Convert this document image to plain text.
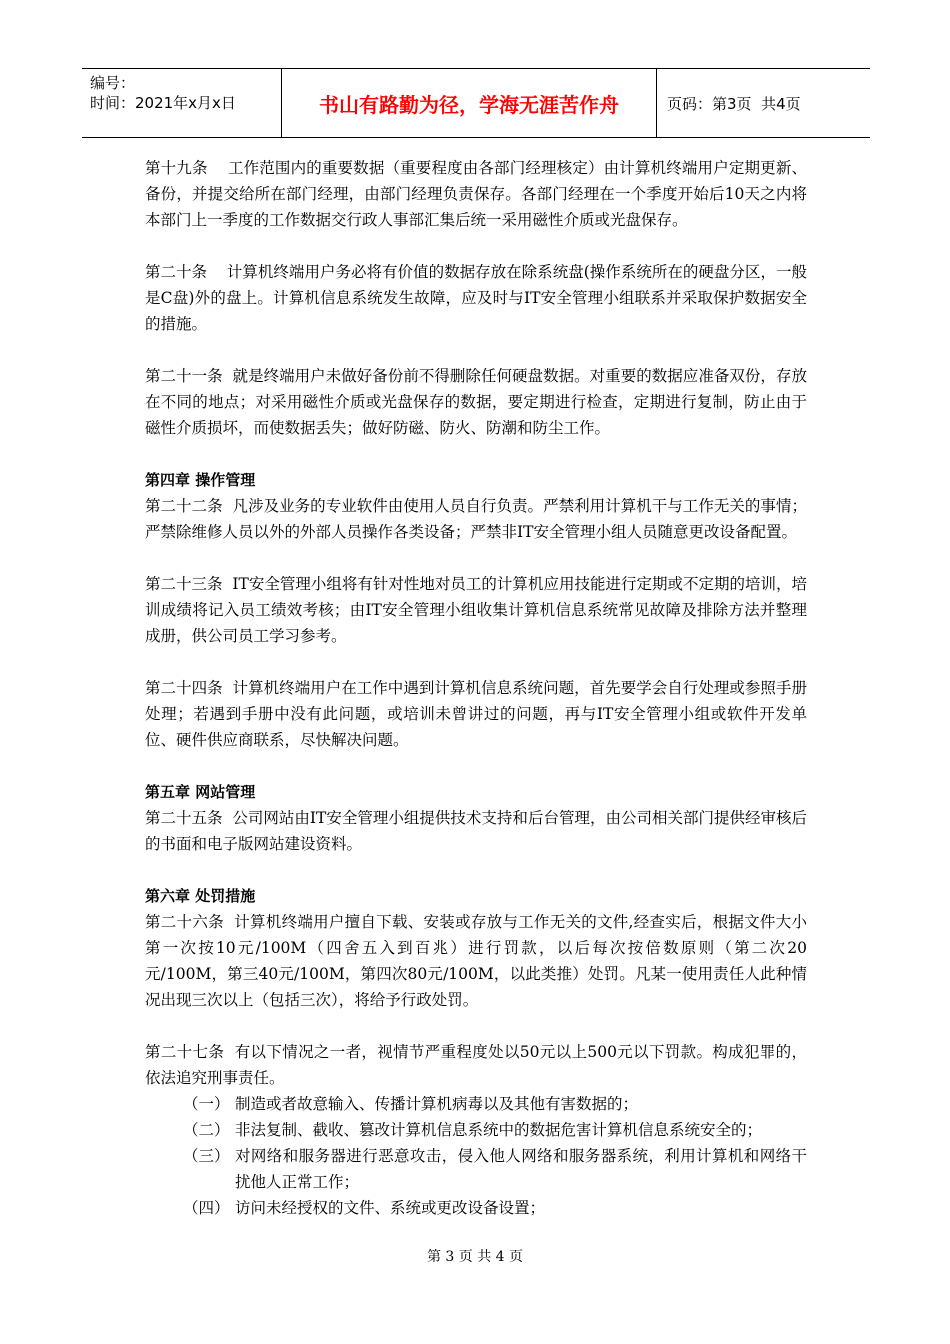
编号：
时间：2021年x月x日	书山有路勤为径，学海无涯苦作舟	页码：第3页  共4页

第十九条 工作范围内的重要数据（重要程度由各部门经理核定）由计算机终端用户定期更新、备份，并提交给所在部门经理，由部门经理负责保存。各部门经理在一个季度开始后10天之内将本部门上一季度的工作数据交行政人事部汇集后统一采用磁性介质或光盘保存。

第二十条 计算机终端用户务必将有价值的数据存放在除系统盘(操作系统所在的硬盘分区，一般是C盘)外的盘上。计算机信息系统发生故障，应及时与IT安全管理小组联系并采取保护数据安全的措施。

第二十一条 就是终端用户未做好备份前不得删除任何硬盘数据。对重要的数据应准备双份，存放在不同的地点；对采用磁性介质或光盘保存的数据，要定期进行检查，定期进行复制，防止由于磁性介质损坏，而使数据丢失；做好防磁、防火、防潮和防尘工作。

第四章 操作管理

第二十二条 凡涉及业务的专业软件由使用人员自行负责。严禁利用计算机干与工作无关的事情；严禁除维修人员以外的外部人员操作各类设备；严禁非IT安全管理小组人员随意更改设备配置。

第二十三条 IT安全管理小组将有针对性地对员工的计算机应用技能进行定期或不定期的培训，培训成绩将记入员工绩效考核；由IT安全管理小组收集计算机信息系统常见故障及排除方法并整理成册，供公司员工学习参考。

第二十四条 计算机终端用户在工作中遇到计算机信息系统问题，首先要学会自行处理或参照手册处理；若遇到手册中没有此问题，或培训未曾讲过的问题，再与IT安全管理小组或软件开发单位、硬件供应商联系，尽快解决问题。

第五章 网站管理

第二十五条 公司网站由IT安全管理小组提供技术支持和后台管理，由公司相关部门提供经审核后的书面和电子版网站建设资料。

第六章 处罚措施

第二十六条 计算机终端用户擅自下载、安装或存放与工作无关的文件,经查实后，根据文件大小第一次按10元/100M（四舍五入到百兆）进行罚款，以后每次按倍数原则（第二次20元/100M，第三40元/100M，第四次80元/100M，以此类推）处罚。凡某一使用责任人此种情况出现三次以上（包括三次），将给予行政处罚。

第二十七条 有以下情况之一者，视情节严重程度处以50元以上500元以下罚款。构成犯罪的，依法追究刑事责任。

（一） 制造或者故意输入、传播计算机病毒以及其他有害数据的；
（二） 非法复制、截收、篡改计算机信息系统中的数据危害计算机信息系统安全的；
（三） 对网络和服务器进行恶意攻击，侵入他人网络和服务器系统，利用计算机和网络干扰他人正常工作；
（四） 访问未经授权的文件、系统或更改设备设置；
第 3 页 共 4 页
